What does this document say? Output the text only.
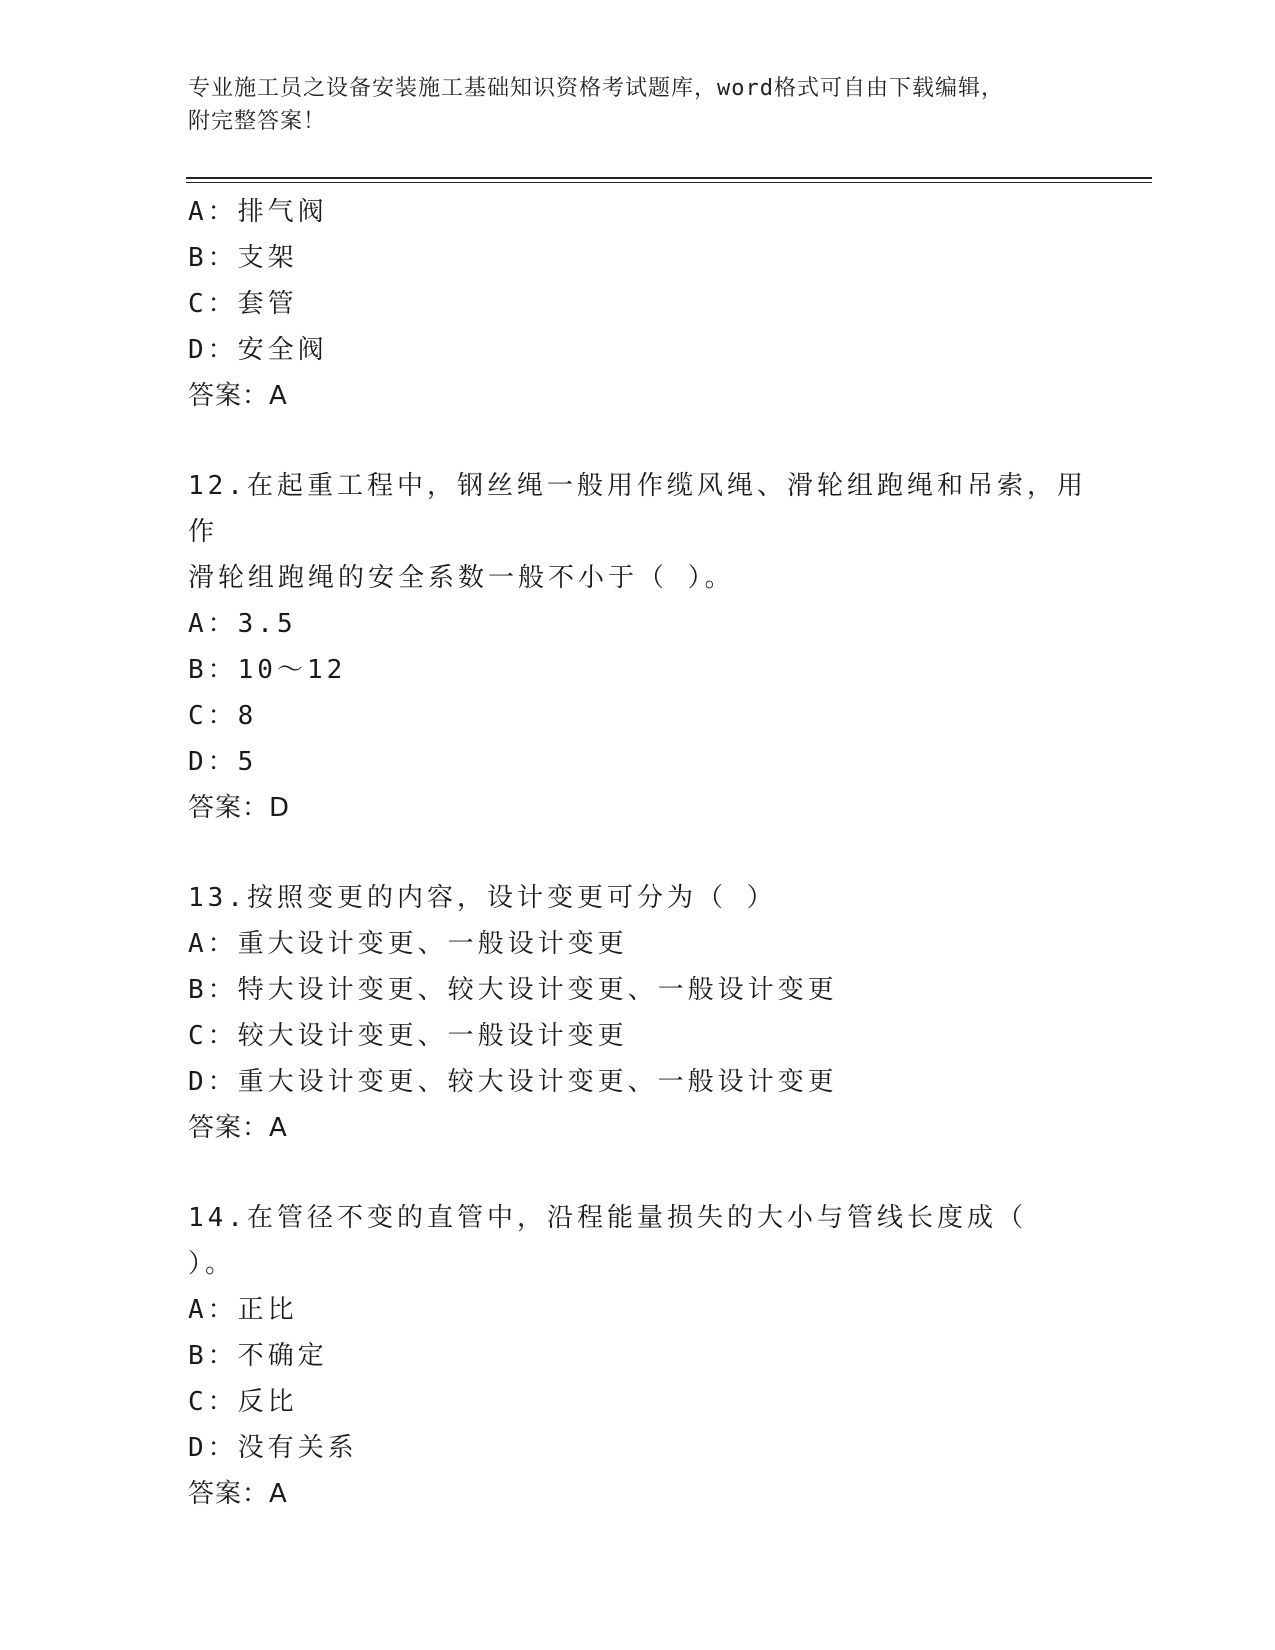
专业施工员之设备安装施工基础知识资格考试题库，word格式可自由下载编辑，
附完整答案！
A：排气阀
B：支架
C：套管
D：安全阀
答案：A
12.在起重工程中，钢丝绳一般用作缆风绳、滑轮组跑绳和吊索，用作
滑轮组跑绳的安全系数一般不小于（ ）。
A：3.5
B：10～12
C：8
D：5
答案：D
13.按照变更的内容，设计变更可分为（ ）
A：重大设计变更、一般设计变更
B：特大设计变更、较大设计变更、一般设计变更
C：较大设计变更、一般设计变更
D：重大设计变更、较大设计变更、一般设计变更
答案：A
14.在管径不变的直管中，沿程能量损失的大小与管线长度成（ ）。
A：正比
B：不确定
C：反比
D：没有关系
答案：A
